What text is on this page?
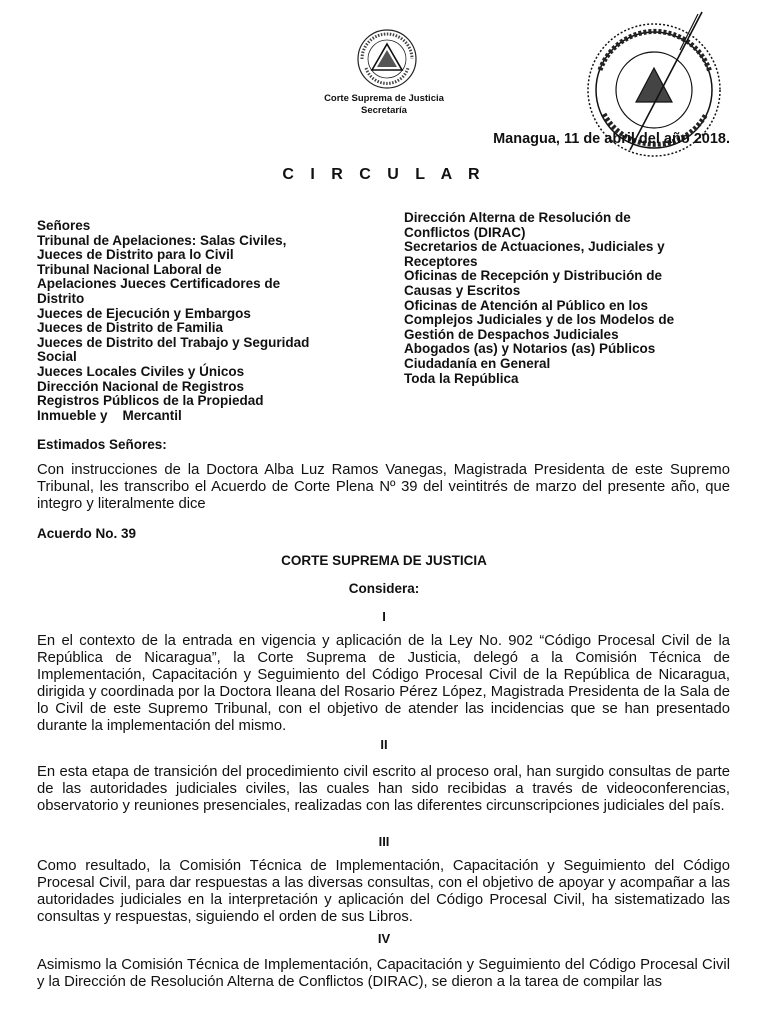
Corte Suprema de Justicia
Secretaría
Managua, 11 de abril del año 2018.
C I R C U L A R
Señores
Tribunal de Apelaciones: Salas Civiles,
Jueces de Distrito para lo Civil
Tribunal Nacional Laboral de
Apelaciones Jueces Certificadores de
Distrito
Jueces de Ejecución y Embargos
Jueces de Distrito de Familia
Jueces de Distrito del Trabajo y Seguridad
Social
Jueces Locales Civiles y Únicos
Dirección Nacional de Registros
Registros Públicos de la Propiedad
Inmueble y    Mercantil
Dirección Alterna de Resolución de
Conflictos (DIRAC)
Secretarios de Actuaciones, Judiciales y
Receptores
Oficinas de Recepción y Distribución de
Causas y Escritos
Oficinas de Atención al Público en los
Complejos Judiciales y de los Modelos de
Gestión de Despachos Judiciales
Abogados (as) y Notarios (as) Públicos
Ciudadanía en General
Toda la República
Estimados Señores:
Con instrucciones de la Doctora Alba Luz Ramos Vanegas, Magistrada Presidenta de este Supremo Tribunal, les transcribo el Acuerdo de Corte Plena Nº 39 del veintitrés de marzo del presente año, que integro y literalmente dice
Acuerdo No. 39
CORTE SUPREMA DE JUSTICIA
Considera:
I
En el contexto de la entrada en vigencia y aplicación de la Ley No. 902 “Código Procesal Civil de la República de Nicaragua”, la Corte Suprema de Justicia, delegó a la Comisión Técnica de Implementación, Capacitación y Seguimiento del Código Procesal Civil de la República de Nicaragua, dirigida y coordinada por la Doctora Ileana del Rosario Pérez López, Magistrada Presidenta de la Sala de lo Civil de este Supremo Tribunal, con el objetivo de atender las incidencias que se han presentado durante la implementación del mismo.
II
En esta etapa de transición del procedimiento civil escrito al proceso oral, han surgido consultas de parte de las autoridades judiciales civiles, las cuales han sido recibidas a través de videoconferencias, observatorio y reuniones presenciales, realizadas con las diferentes circunscripciones judiciales del país.
III
Como resultado, la Comisión Técnica de Implementación, Capacitación y Seguimiento del Código Procesal Civil, para dar respuestas a las diversas consultas, con el objetivo de apoyar y acompañar a las autoridades judiciales en la interpretación y aplicación del Código Procesal Civil, ha sistematizado las consultas y respuestas, siguiendo el orden de sus Libros.
IV
Asimismo la Comisión Técnica de Implementación, Capacitación y Seguimiento del Código Procesal Civil y la Dirección de Resolución Alterna de Conflictos (DIRAC), se dieron a la tarea de compilar las
